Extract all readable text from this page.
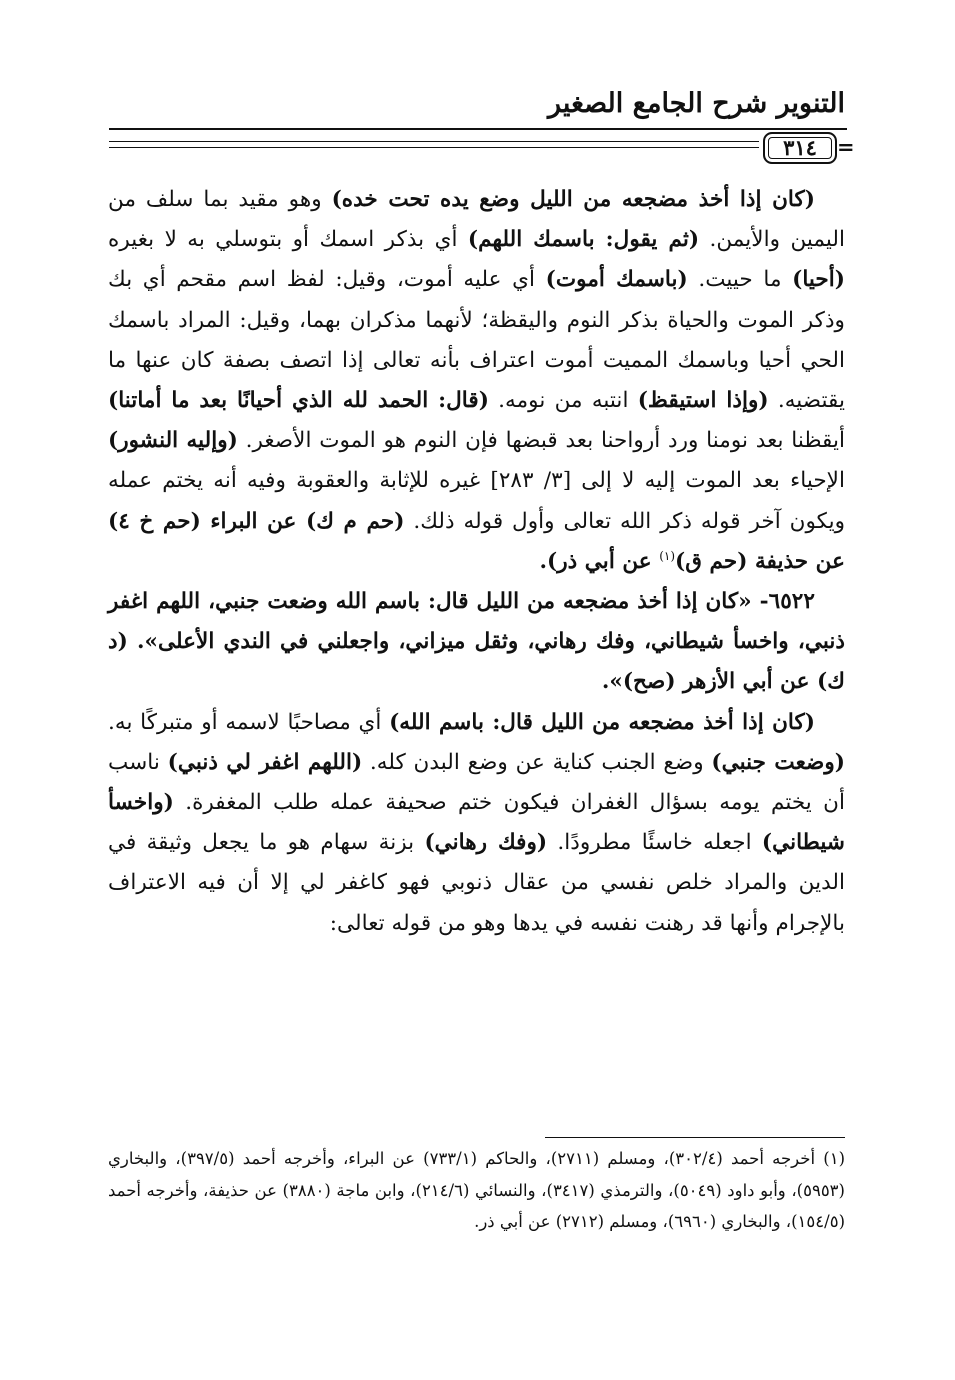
التنوير شرح الجامع الصغير
٣١٤ =

(كان إذا أخذ مضجعه من الليل وضع يده تحت خده) وهو مقيد بما سلف من اليمين والأيمن. (ثم يقول: باسمك اللهم) أي بذكر اسمك أو بتوسلي به لا بغيره (أحيا) ما حييت. (باسمك أموت) أي عليه أموت، وقيل: لفظ اسم مقحم أي بك وذكر الموت والحياة بذكر النوم واليقظة؛ لأنهما مذكران بهما، وقيل: المراد باسمك الحي أحيا وباسمك المميت أموت اعتراف بأنه تعالى إذا اتصف بصفة كان عنها ما يقتضيه. (وإذا استيقظ) انتبه من نومه. (قال: الحمد لله الذي أحيانًا بعد ما أماتنا) أيقظنا بعد نومنا ورد أرواحنا بعد قبضها فإن النوم هو الموت الأصغر. (وإليه النشور) الإحياء بعد الموت إليه لا إلى [٣/ ٢٨٣] غيره للإثابة والعقوبة وفيه أنه يختم عمله ويكون آخر قوله ذكر الله تعالى وأول قوله ذلك. (حم م ك) عن البراء (حم خ ٤) عن حذيفة (حم ق)$^{(١)}$ عن أبي ذر).

٦٥٢٢- «كان إذا أخذ مضجعه من الليل قال: باسم الله وضعت جنبي، اللهم اغفر ذنبي، واخسأ شيطاني، وفك رهاني، وثقل ميزاني، واجعلني في الندي الأعلى». (د ك) عن أبي الأزهر (صح)».

(كان إذا أخذ مضجعه من الليل قال: باسم الله) أي مصاحبًا لاسمه أو متبركًا به. (وضعت جنبي) وضع الجنب كناية عن وضع البدن كله. (اللهم اغفر لي ذنبي) ناسب أن يختم يومه بسؤال الغفران فيكون ختم صحيفة عمله طلب المغفرة. (واخسأ شيطاني) اجعله خاسئًا مطرودًا. (وفك رهاني) بزنة سهام هو ما يجعل وثيقة في الدين والمراد خلص نفسي من عقال ذنوبي فهو كاغفر لي إلا أن فيه الاعتراف بالإجرام وأنها قد رهنت نفسه في يدها وهو من قوله تعالى:

(١) أخرجه أحمد (٣٠٢/٤)، ومسلم (٢٧١١)، والحاكم (٧٣٣/١) عن البراء، وأخرجه أحمد (٣٩٧/٥)، والبخاري (٥٩٥٣)، وأبو داود (٥٠٤٩)، والترمذي (٣٤١٧)، والنسائي (٢١٤/٦)، وابن ماجة (٣٨٨٠) عن حذيفة، وأخرجه أحمد (١٥٤/٥)، والبخاري (٦٩٦٠)، ومسلم (٢٧١٢) عن أبي ذر.
